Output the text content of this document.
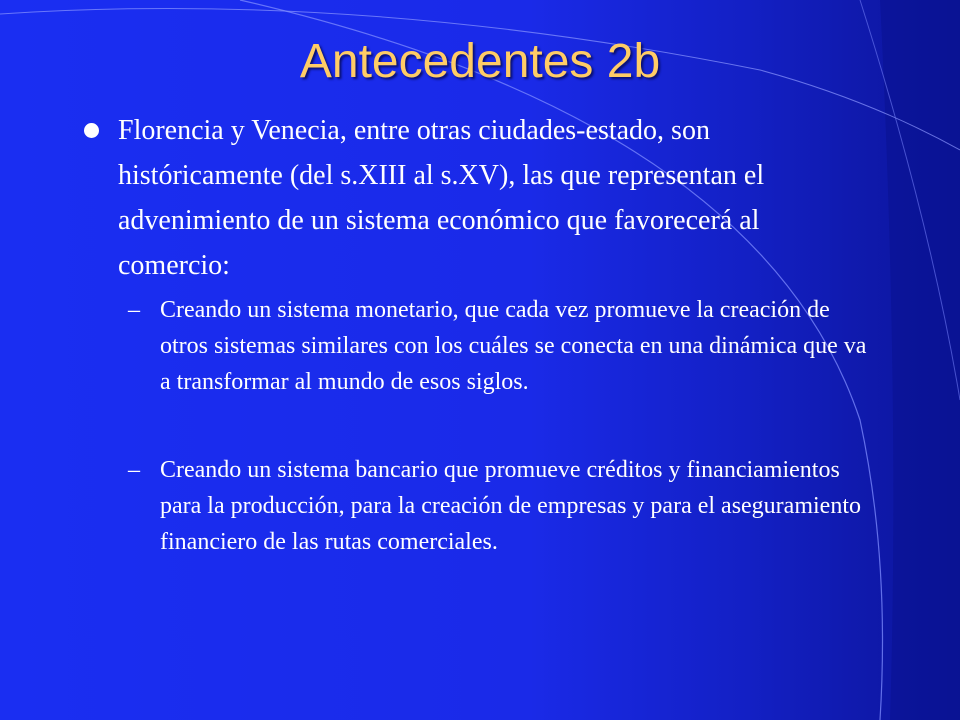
Antecedentes 2b

Florencia y Venecia, entre otras ciudades-estado, son históricamente (del s.XIII al s.XV), las que representan el advenimiento de un sistema económico que favorecerá al comercio:

– Creando un sistema monetario, que cada vez promueve la creación de otros sistemas similares con los cuáles se conecta en una dinámica que va a transformar al mundo de esos siglos.

– Creando un sistema bancario que promueve créditos y financiamientos para la producción, para la creación de empresas y para el aseguramiento financiero de las rutas comerciales.
